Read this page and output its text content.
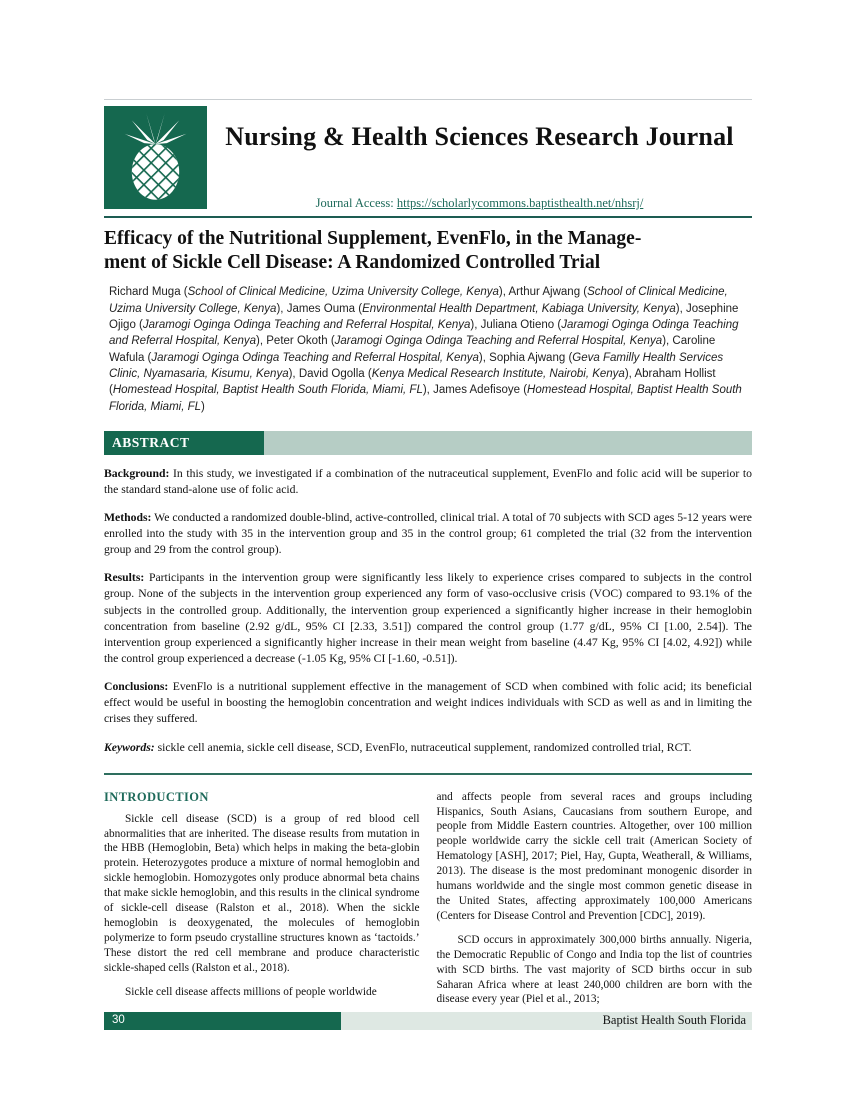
Nursing & Health Sciences Research Journal
Journal Access: https://scholarlycommons.baptisthealth.net/nhsrj/
Efficacy of the Nutritional Supplement, EvenFlo, in the Manage-
ment of Sickle Cell Disease: A Randomized Controlled Trial
Richard Muga (School of Clinical Medicine, Uzima University College, Kenya), Arthur Ajwang (School of Clinical Medicine, Uzima University College, Kenya), James Ouma (Environmental Health Department, Kabiaga University, Kenya), Josephine Ojigo (Jaramogi Oginga Odinga Teaching and Referral Hospital, Kenya), Juliana Otieno (Jaramogi Oginga Odinga Teaching and Referral Hospital, Kenya), Peter Okoth (Jaramogi Oginga Odinga Teaching and Referral Hospital, Kenya), Caroline Wafula (Jaramogi Oginga Odinga Teaching and Referral Hospital, Kenya), Sophia Ajwang (Geva Familly Health Services Clinic, Nyamasaria, Kisumu, Kenya), David Ogolla (Kenya Medical Research Institute, Nairobi, Kenya), Abraham Hollist (Homestead Hospital, Baptist Health South Florida, Miami, FL), James Adefisoye (Homestead Hospital, Baptist Health South Florida, Miami, FL)
ABSTRACT

Background: In this study, we investigated if a combination of the nutraceutical supplement, EvenFlo and folic acid will be superior to the standard stand-alone use of folic acid.

Methods: We conducted a randomized double-blind, active-controlled, clinical trial. A total of 70 subjects with SCD ages 5-12 years were enrolled into the study with 35 in the intervention group and 35 in the control group; 61 completed the trial (32 from the intervention group and 29 from the control group).

Results: Participants in the intervention group were significantly less likely to experience crises compared to subjects in the control group. None of the subjects in the intervention group experienced any form of vaso-occlusive crisis (VOC) compared to 93.1% of the subjects in the controlled group. Additionally, the intervention group experienced a significantly higher increase in their hemoglobin concentration from baseline (2.92 g/dL, 95% CI [2.33, 3.51]) compared the control group (1.77 g/dL, 95% CI [1.00, 2.54]). The intervention group experienced a significantly higher increase in their mean weight from baseline (4.47 Kg, 95% CI [4.02, 4.92]) while the control group experienced a decrease (-1.05 Kg, 95% CI [-1.60, -0.51]).

Conclusions: EvenFlo is a nutritional supplement effective in the management of SCD when combined with folic acid; its beneficial effect would be useful in boosting the hemoglobin concentration and weight indices individuals with SCD as well as and in limiting the crises they suffered.

Keywords: sickle cell anemia, sickle cell disease, SCD, EvenFlo, nutraceutical supplement, randomized controlled trial, RCT.

INTRODUCTION

Sickle cell disease (SCD) is a group of red blood cell abnormalities that are inherited. The disease results from mutation in the HBB (Hemoglobin, Beta) which helps in making the beta-globin protein. Heterozygotes produce a mixture of normal hemoglobin and sickle hemoglobin. Homozygotes only produce abnormal beta chains that make sickle hemoglobin, and this results in the clinical syndrome of sickle-cell disease (Ralston et al., 2018). When the sickle hemoglobin is deoxygenated, the molecules of hemoglobin polymerize to form pseudo crystalline structures known as ‘tactoids.’ These distort the red cell membrane and produce characteristic sickle-shaped cells (Ralston et al., 2018).

Sickle cell disease affects millions of people worldwide

and affects people from several races and groups including Hispanics, South Asians, Caucasians from southern Europe, and people from Middle Eastern countries. Altogether, over 100 million people worldwide carry the sickle cell trait (American Society of Hematology [ASH], 2017; Piel, Hay, Gupta, Weatherall, & Williams, 2013). The disease is the most predominant monogenic disorder in humans worldwide and the single most common genetic disease in the United States, affecting approximately 100,000 Americans (Centers for Disease Control and Prevention [CDC], 2019).

SCD occurs in approximately 300,000 births annually. Nigeria, the Democratic Republic of Congo and India top the list of countries with SCD births. The vast majority of SCD births occur in sub Saharan Africa where at least 240,000 children are born with the disease every year (Piel et al., 2013;

30	Baptist Health South Florida
